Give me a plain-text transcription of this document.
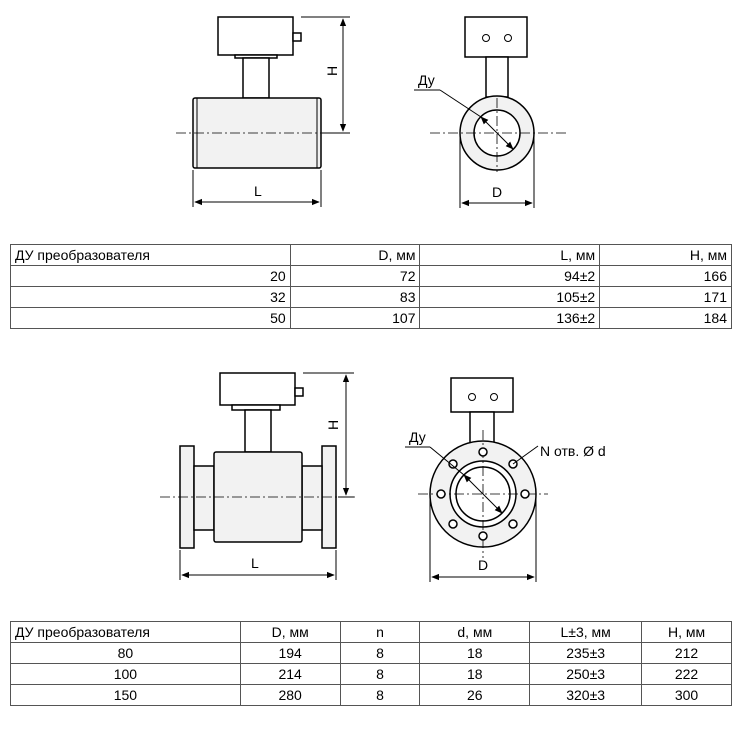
H
L
Ду
D
H
L
Ду
N отв. Ø d
D
ДУ преобразователя	D, мм	L, мм	H, мм
20	72	94±2	166
32	83	105±2	171
50	107	136±2	184
ДУ преобразователя	D, мм	n	d, мм	L±3, мм	H, мм
80	194	8	18	235±3	212
100	214	8	18	250±3	222
150	280	8	26	320±3	300
